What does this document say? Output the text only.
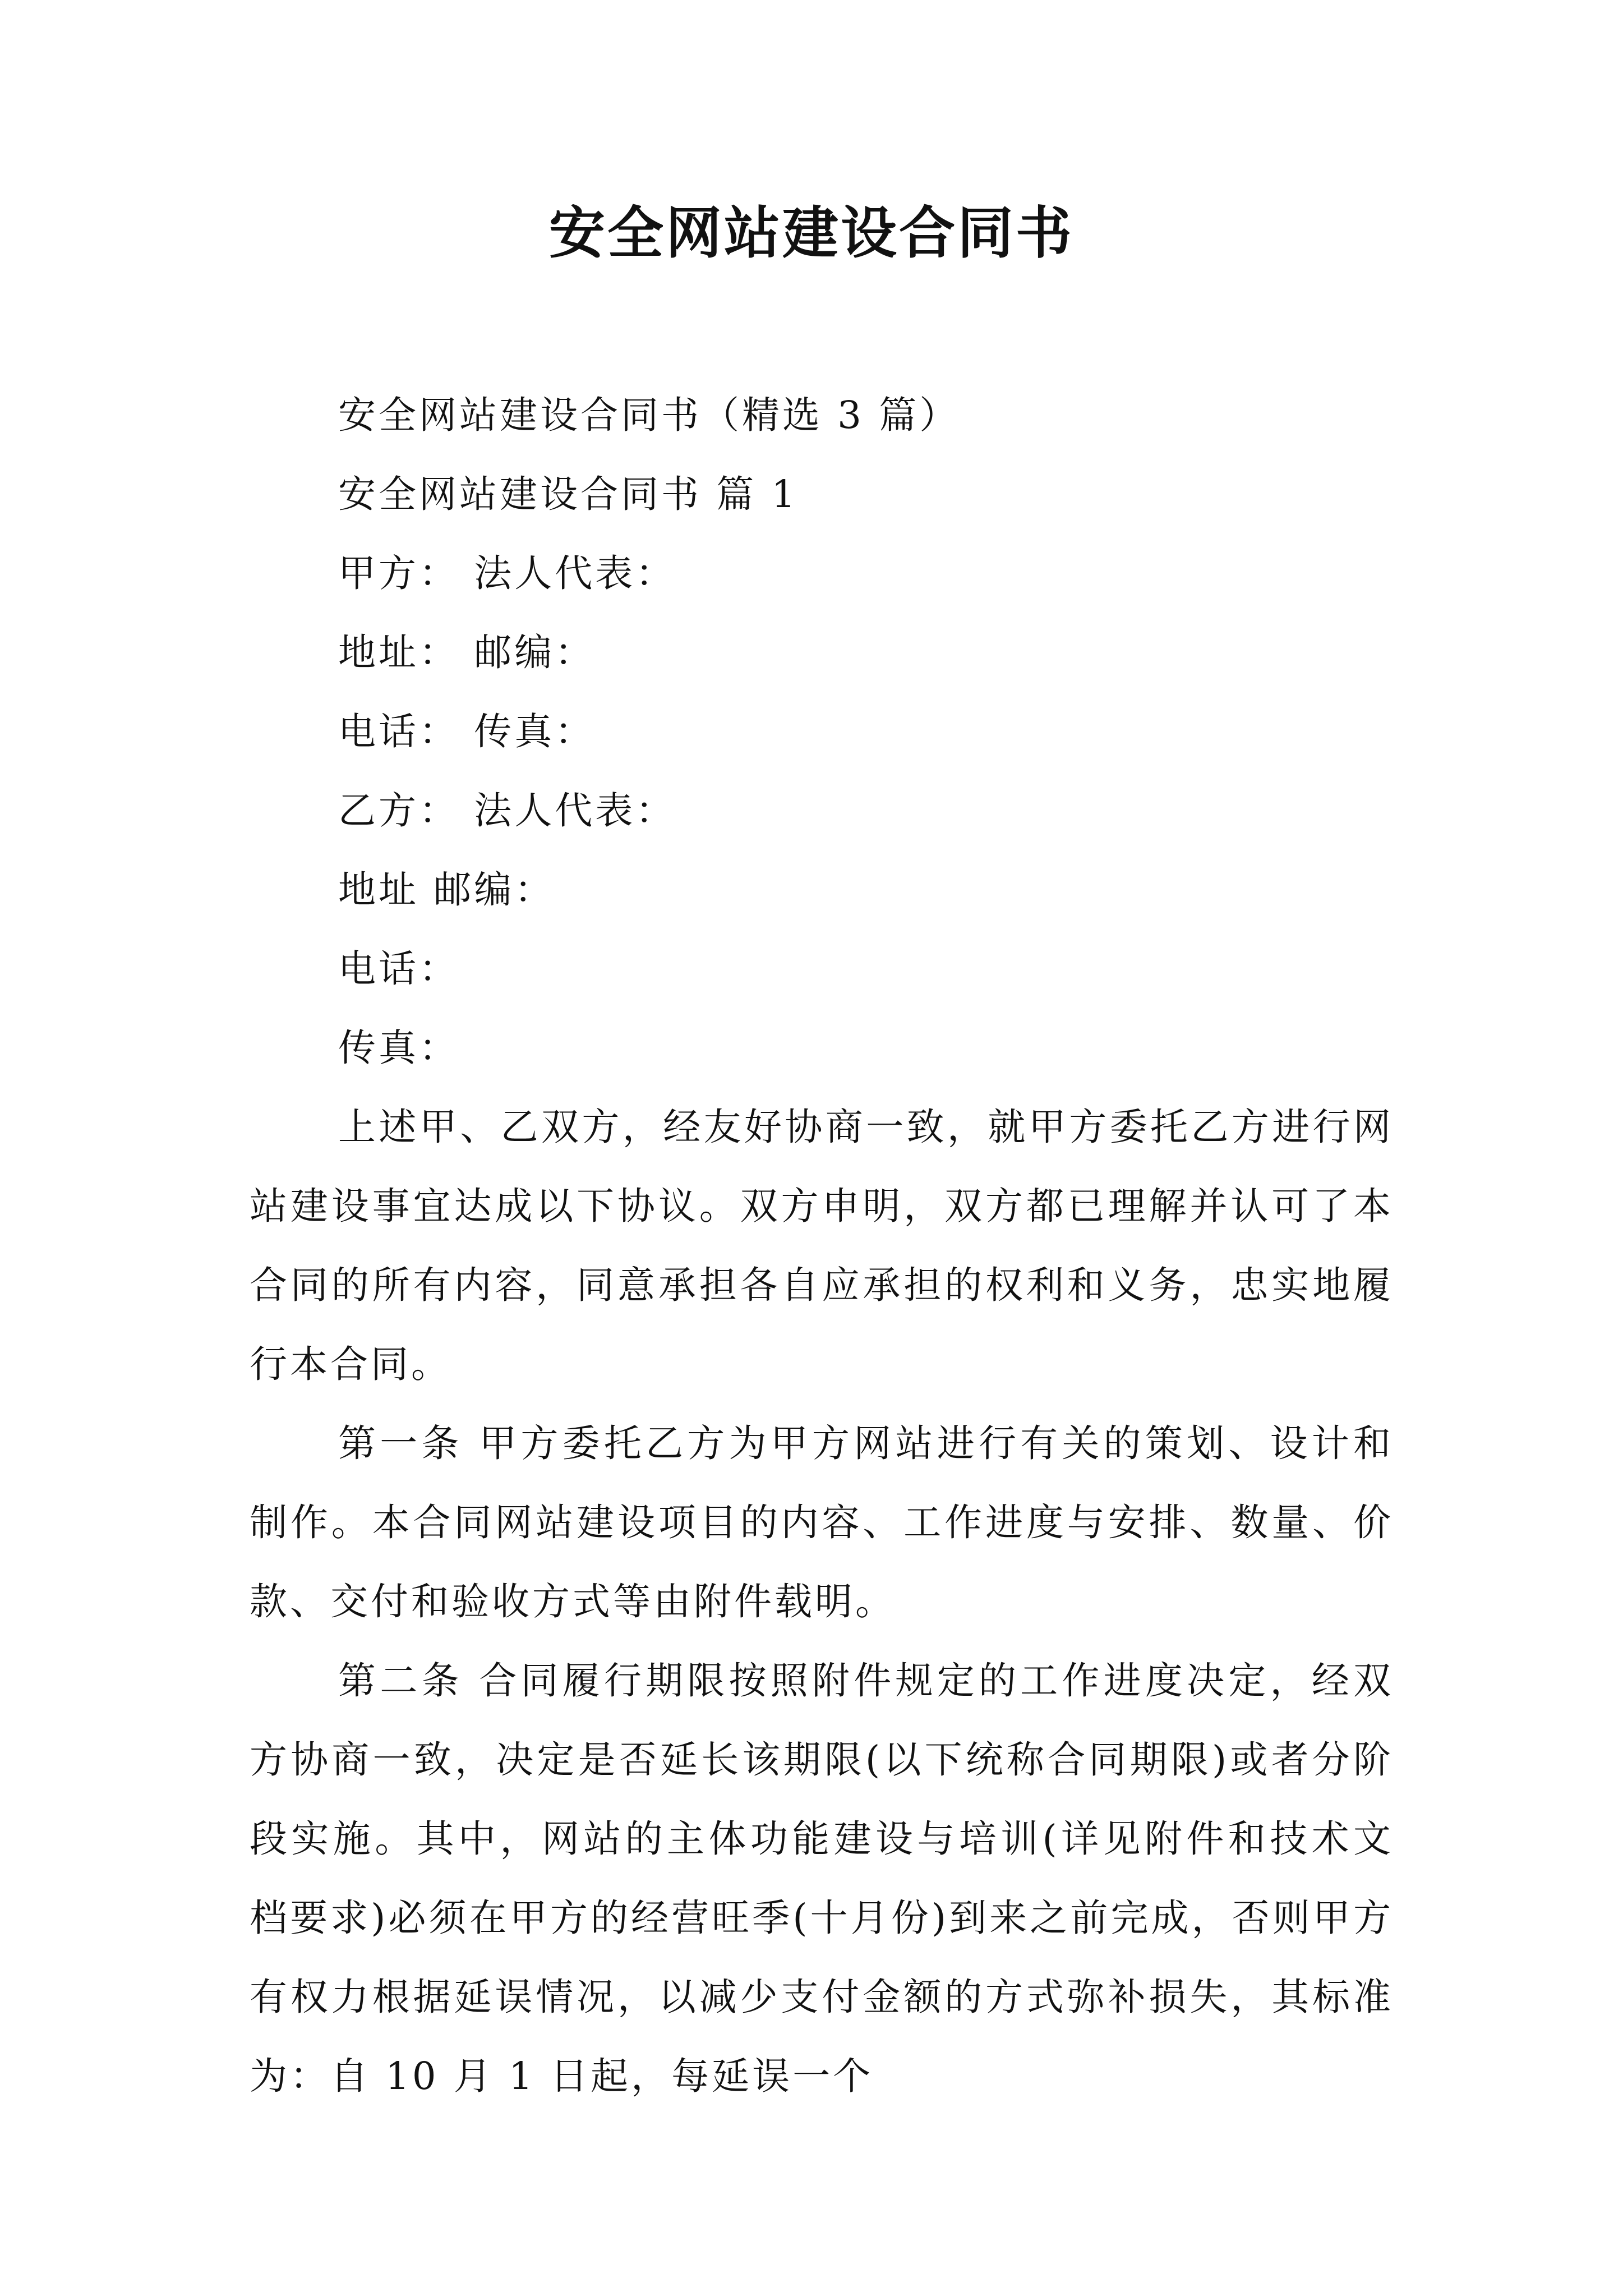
安全网站建设合同书
安全网站建设合同书（精选 3 篇）
安全网站建设合同书 篇 1
甲方： 法人代表：
地址： 邮编：
电话： 传真：
乙方： 法人代表：
地址 邮编：
电话：
传真：

上述甲、乙双方，经友好协商一致，就甲方委托乙方进行网站建设事宜达成以下协议。双方申明，双方都已理解并认可了本合同的所有内容，同意承担各自应承担的权利和义务，忠实地履行本合同。

第一条 甲方委托乙方为甲方网站进行有关的策划、设计和制作。本合同网站建设项目的内容、工作进度与安排、数量、价款、交付和验收方式等由附件载明。

第二条 合同履行期限按照附件规定的工作进度决定，经双方协商一致，决定是否延长该期限(以下统称合同期限)或者分阶段实施。其中，网站的主体功能建设与培训(详见附件和技术文档要求)必须在甲方的经营旺季(十月份)到来之前完成，否则甲方有权力根据延误情况，以减少支付金额的方式弥补损失，其标准为：自 10 月 1 日起，每延误一个
